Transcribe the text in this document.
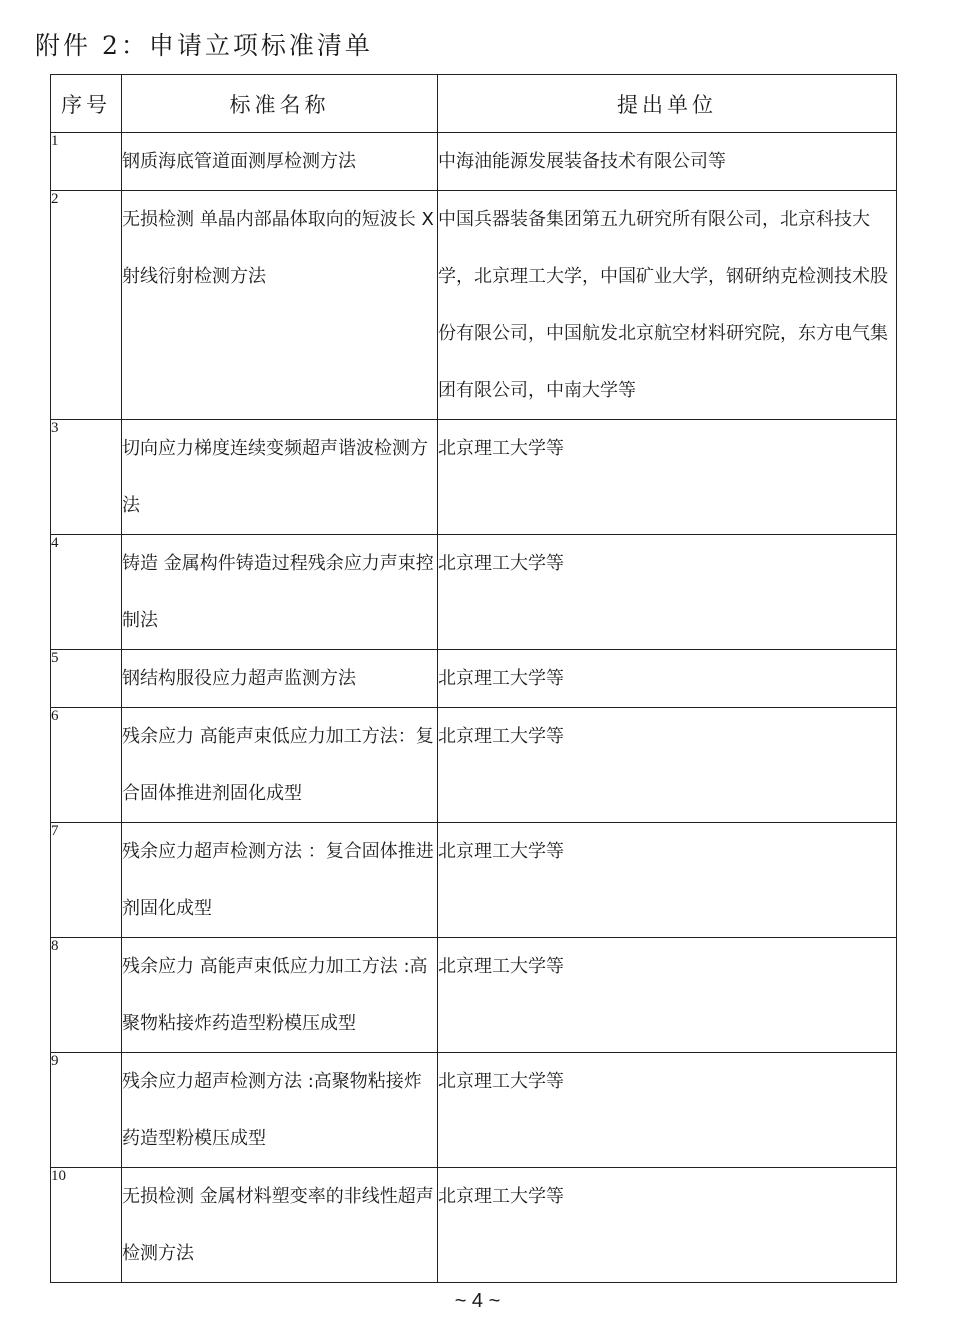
附件 2：申请立项标准清单
序号	标准名称	提出单位
1	钢质海底管道面测厚检测方法	中海油能源发展装备技术有限公司等

2	无损检测 单晶内部晶体取向的短波长 X 射线衍射检测方法	中国兵器装备集团第五九研究所有限公司，北京科技大学，北京理工大学，中国矿业大学，钢研纳克检测技术股份有限公司，中国航发北京航空材料研究院，东方电气集团有限公司，中南大学等

3	切向应力梯度连续变频超声谐波检测方法	北京理工大学等

4	铸造 金属构件铸造过程残余应力声束控制法	北京理工大学等

5	钢结构服役应力超声监测方法	北京理工大学等

6	残余应力 高能声束低应力加工方法：复合固体推进剂固化成型	北京理工大学等

7	残余应力超声检测方法 ：复合固体推进剂固化成型	北京理工大学等

8	残余应力 高能声束低应力加工方法 :高聚物粘接炸药造型粉模压成型	北京理工大学等

9	残余应力超声检测方法 :高聚物粘接炸药造型粉模压成型	北京理工大学等

10	无损检测 金属材料塑变率的非线性超声检测方法	北京理工大学等
~ 4 ~
